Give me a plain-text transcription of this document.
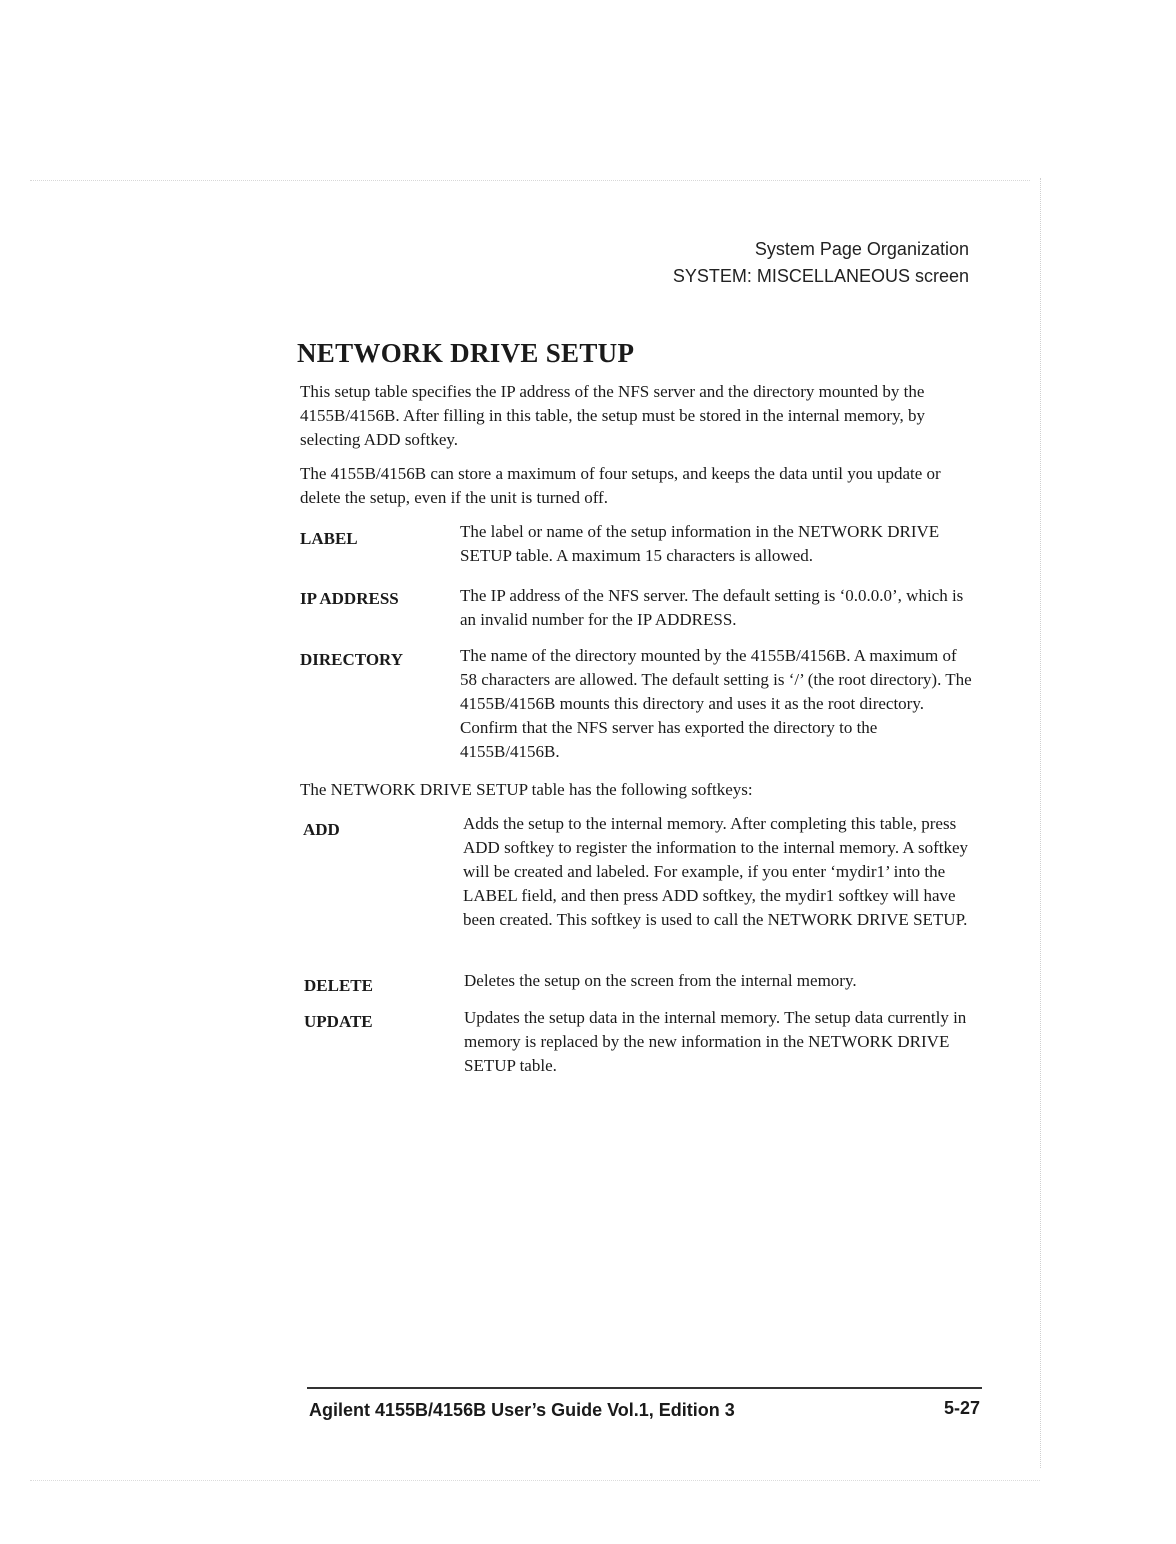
System Page Organization
SYSTEM: MISCELLANEOUS screen
NETWORK DRIVE SETUP

This setup table specifies the IP address of the NFS server and the directory mounted by the 4155B/4156B. After filling in this table, the setup must be stored in the internal memory, by selecting ADD softkey.

The 4155B/4156B can store a maximum of four setups, and keeps the data until you update or delete the setup, even if the unit is turned off.

LABEL	The label or name of the setup information in the NETWORK DRIVE SETUP table. A maximum 15 characters is allowed.
IP ADDRESS	The IP address of the NFS server. The default setting is ‘0.0.0.0’, which is an invalid number for the IP ADDRESS.
DIRECTORY	The name of the directory mounted by the 4155B/4156B. A maximum of 58 characters are allowed. The default setting is ‘/’ (the root directory). The 4155B/4156B mounts this directory and uses it as the root directory. Confirm that the NFS server has exported the directory to the 4155B/4156B.

The NETWORK DRIVE SETUP table has the following softkeys:

ADD	Adds the setup to the internal memory. After completing this table, press ADD softkey to register the information to the internal memory. A softkey will be created and labeled. For example, if you enter ‘mydir1’ into the LABEL field, and then press ADD softkey, the mydir1 softkey will have been created. This softkey is used to call the NETWORK DRIVE SETUP.
DELETE	Deletes the setup on the screen from the internal memory.
UPDATE	Updates the setup data in the internal memory. The setup data currently in memory is replaced by the new information in the NETWORK DRIVE SETUP table.
Agilent 4155B/4156B User’s Guide Vol.1, Edition 3	5-27
